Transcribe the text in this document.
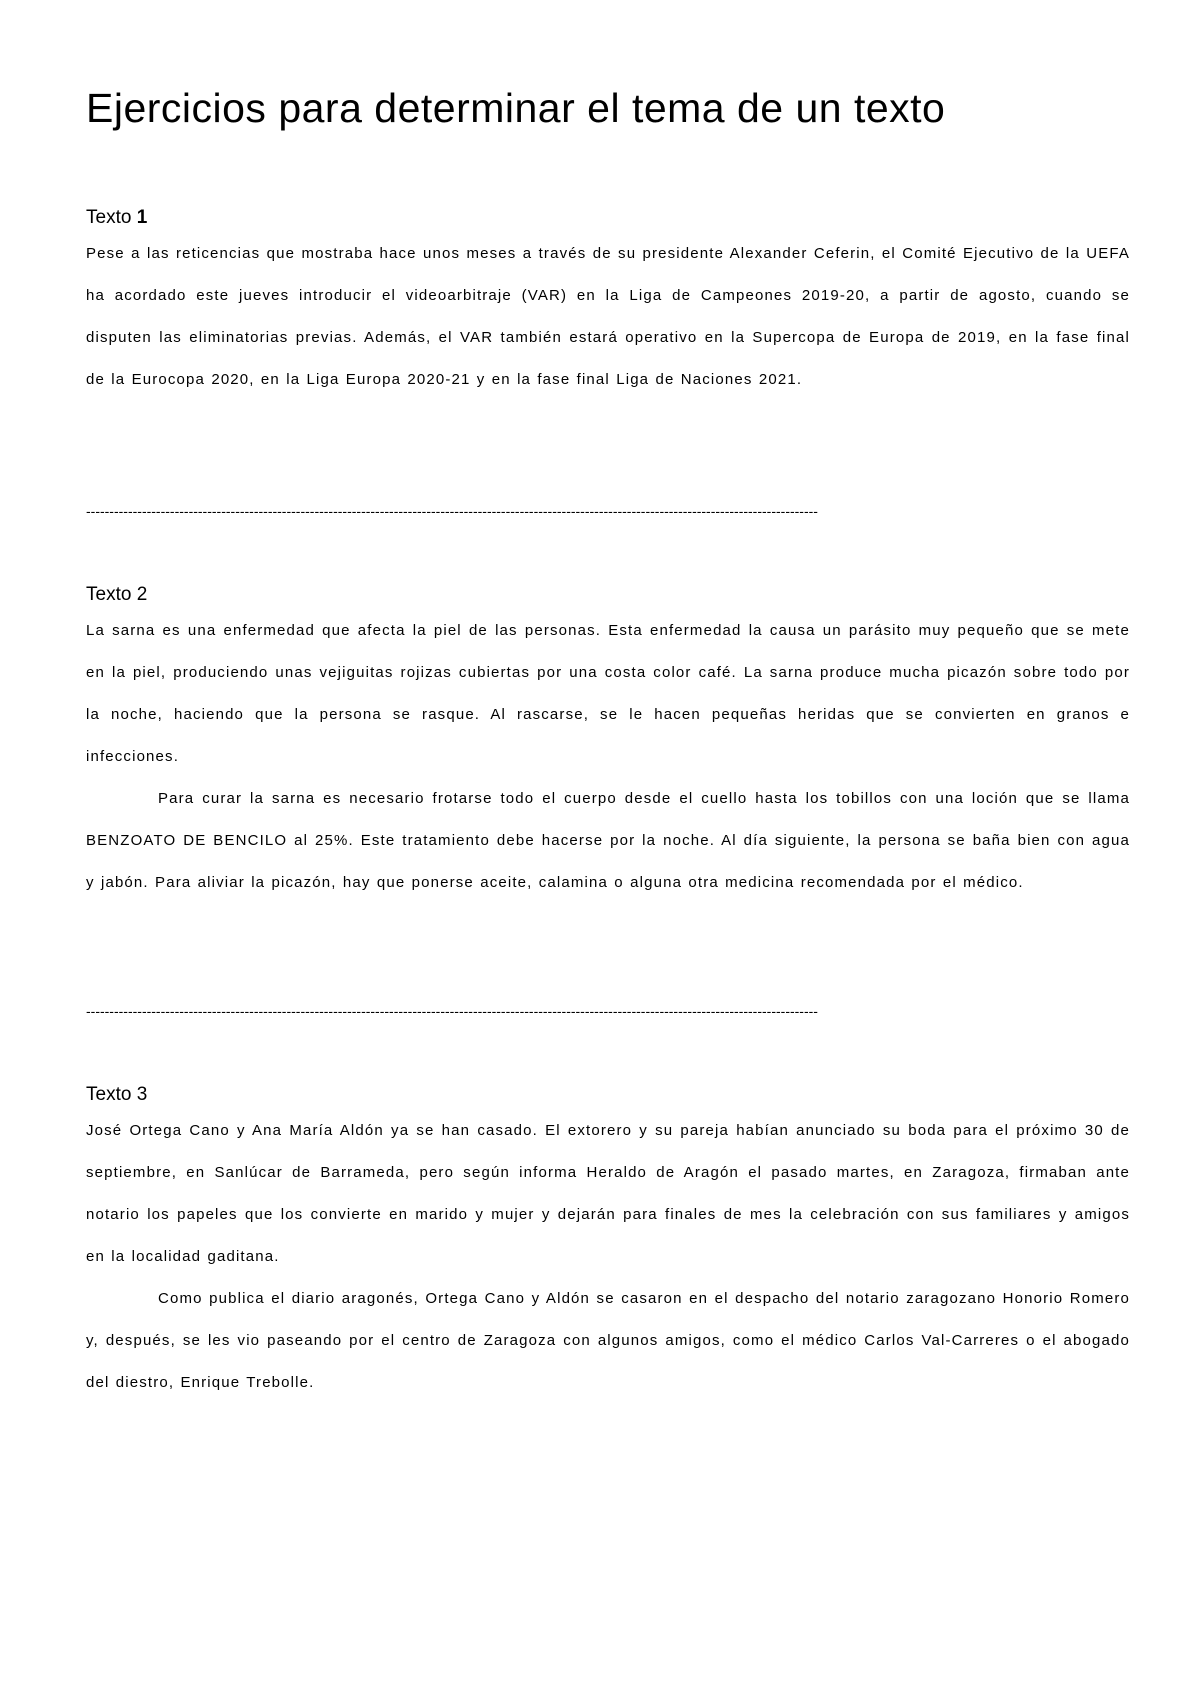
Ejercicios para determinar el tema de un texto
Texto 1

Pese a las reticencias que mostraba hace unos meses a través de su presidente Alexander Ceferin, el Comité Ejecutivo de la UEFA ha acordado este jueves introducir el videoarbitraje (VAR) en la Liga de Campeones 2019-20, a partir de agosto, cuando se disputen las eliminatorias previas. Además, el VAR también estará operativo en la Supercopa de Europa de 2019, en la fase final de la Eurocopa 2020, en la Liga Europa 2020-21 y en la fase final Liga de Naciones 2021.

-------------------------------------------------------------------------------------------------------------------------------------------------------------
Texto 2

La sarna es una enfermedad que afecta la piel de las personas. Esta enfermedad la causa un parásito muy pequeño que se mete en la piel, produciendo unas vejiguitas rojizas cubiertas por una costa color café. La sarna produce mucha picazón sobre todo por la noche, haciendo que la persona se rasque. Al rascarse, se le hacen pequeñas heridas que se convierten en granos e infecciones.

Para curar la sarna es necesario frotarse todo el cuerpo desde el cuello hasta los tobillos con una loción que se llama BENZOATO DE BENCILO al 25%. Este tratamiento debe hacerse por la noche. Al día siguiente, la persona se baña bien con agua y jabón. Para aliviar la picazón, hay que ponerse aceite, calamina o alguna otra medicina recomendada por el médico.

-------------------------------------------------------------------------------------------------------------------------------------------------------------
Texto 3

José Ortega Cano y Ana María Aldón ya se han casado. El extorero y su pareja habían anunciado su boda para el próximo 30 de septiembre, en Sanlúcar de Barrameda, pero según informa Heraldo de Aragón el pasado martes, en Zaragoza, firmaban ante notario los papeles que los convierte en marido y mujer y dejarán para finales de mes la celebración con sus familiares y amigos en la localidad gaditana.

Como publica el diario aragonés, Ortega Cano y Aldón se casaron en el despacho del notario zaragozano Honorio Romero y, después, se les vio paseando por el centro de Zaragoza con algunos amigos, como el médico Carlos Val-Carreres o el abogado del diestro, Enrique Trebolle.
